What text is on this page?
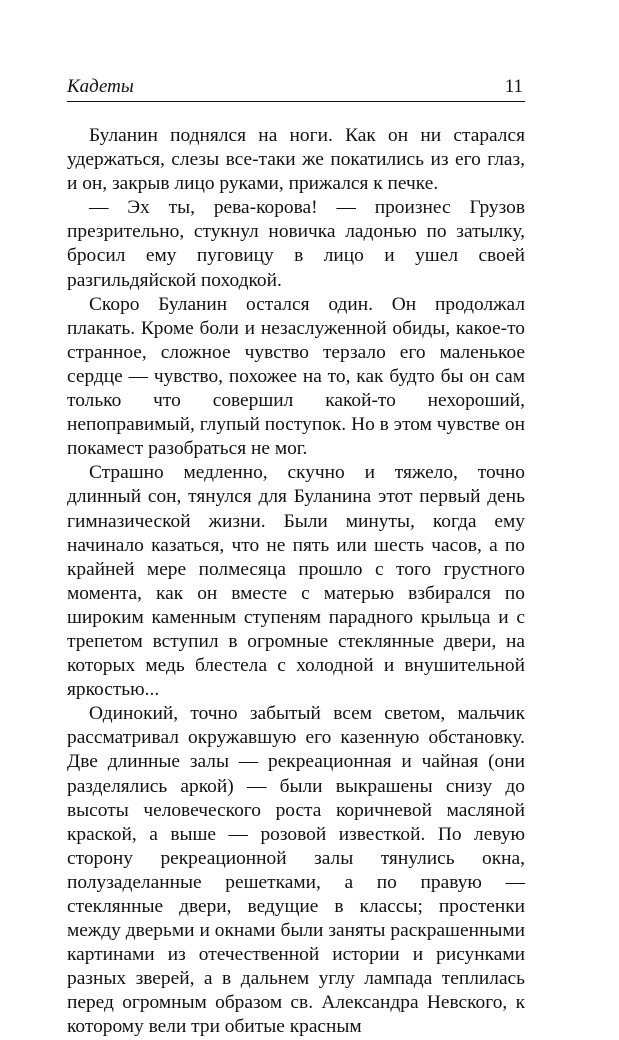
Кадеты	11

Буланин поднялся на ноги. Как он ни старался удержаться, слезы все-таки же покатились из его глаз, и он, закрыв лицо руками, прижался к печке.

— Эх ты, рева-корова! — произнес Грузов презрительно, стукнул новичка ладонью по затылку, бросил ему пуговицу в лицо и ушел своей разгильдяйской походкой.

Скоро Буланин остался один. Он продолжал плакать. Кроме боли и незаслуженной обиды, какое-то странное, сложное чувство терзало его маленькое сердце — чувство, похожее на то, как будто бы он сам только что совершил какой-то нехороший, непоправимый, глупый поступок. Но в этом чувстве он покамест разобраться не мог.

Страшно медленно, скучно и тяжело, точно длинный сон, тянулся для Буланина этот первый день гимназической жизни. Были минуты, когда ему начинало казаться, что не пять или шесть часов, а по крайней мере полмесяца прошло с того грустного момента, как он вместе с матерью взбирался по широким каменным ступеням парадного крыльца и с трепетом вступил в огромные стеклянные двери, на которых медь блестела с холодной и внушительной яркостью...

Одинокий, точно забытый всем светом, мальчик рассматривал окружавшую его казенную обстановку. Две длинные залы — рекреационная и чайная (они разделялись аркой) — были выкрашены снизу до высоты человеческого роста коричневой масляной краской, а выше — розовой известкой. По левую сторону рекреационной залы тянулись окна, полузаделанные решетками, а по правую — стеклянные двери, ведущие в классы; простенки между дверьми и окнами были заняты раскрашенными картинами из отечественной истории и рисунками разных зверей, а в дальнем углу лампада теплилась перед огромным образом св. Александра Невского, к которому вели три обитые красным
